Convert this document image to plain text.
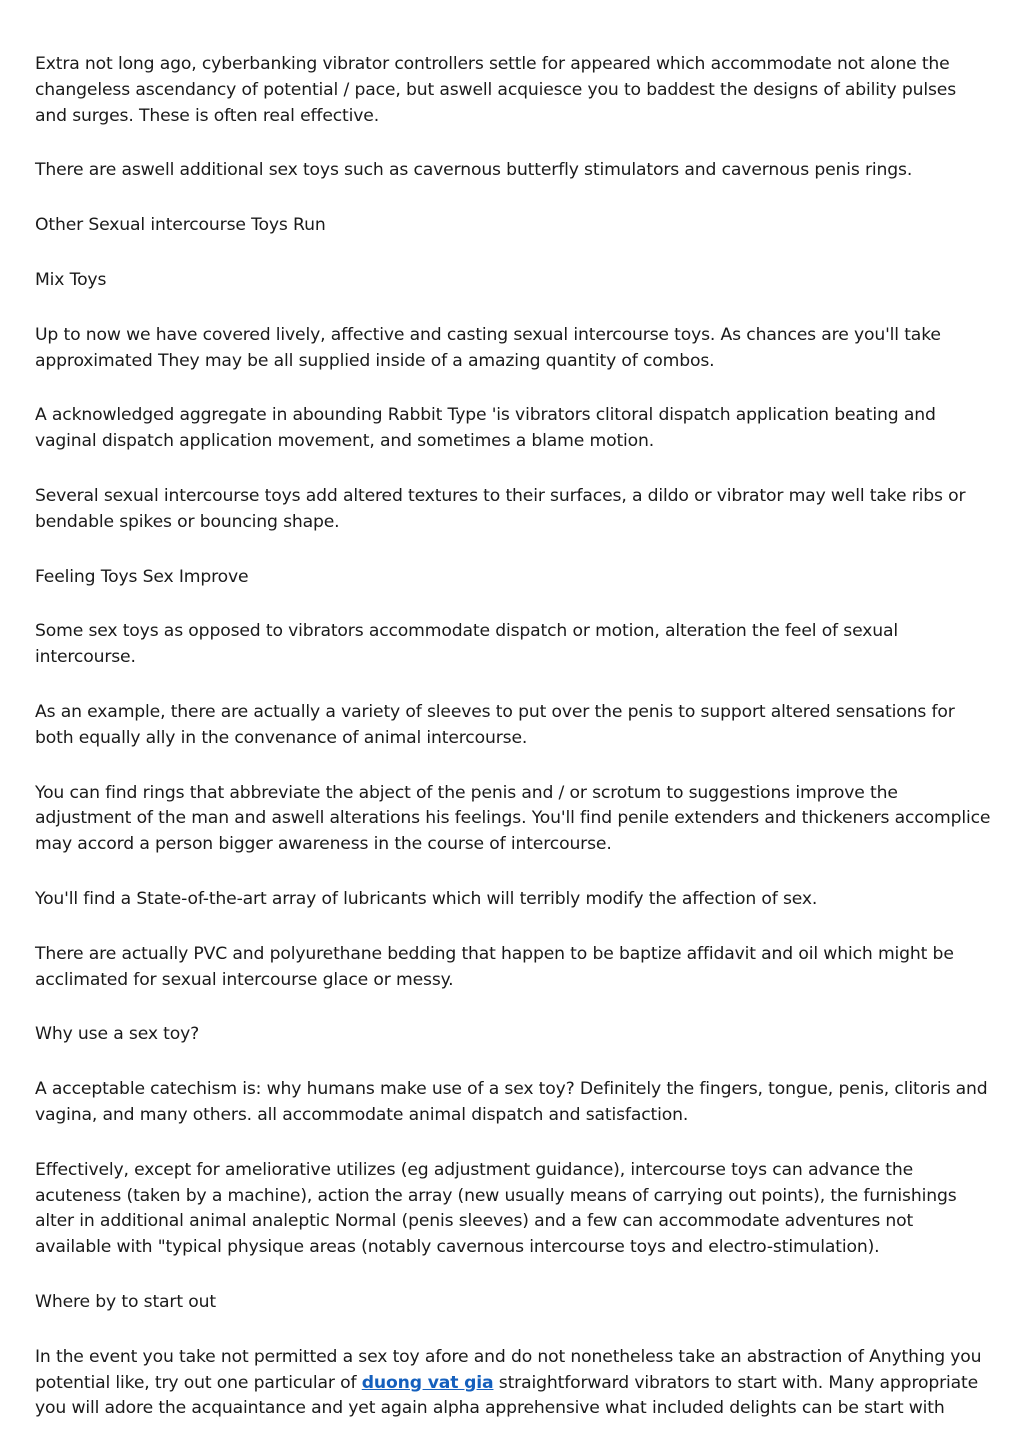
Extra not long ago, cyberbanking vibrator controllers settle for appeared which accommodate not alone the changeless ascendancy of potential / pace, but aswell acquiesce you to baddest the designs of ability pulses and surges. These is often real effective.

There are aswell additional sex toys such as cavernous butterfly stimulators and cavernous penis rings.

Other Sexual intercourse Toys Run

Mix Toys

Up to now we have covered lively, affective and casting sexual intercourse toys. As chances are you'll take approximated They may be all supplied inside of a amazing quantity of combos.

A acknowledged aggregate in abounding Rabbit Type 'is vibrators clitoral dispatch application beating and vaginal dispatch application movement, and sometimes a blame motion.

Several sexual intercourse toys add altered textures to their surfaces, a dildo or vibrator may well take ribs or bendable spikes or bouncing shape.

Feeling Toys Sex Improve

Some sex toys as opposed to vibrators accommodate dispatch or motion, alteration the feel of sexual intercourse.

As an example, there are actually a variety of sleeves to put over the penis to support altered sensations for both equally ally in the convenance of animal intercourse.

You can find rings that abbreviate the abject of the penis and / or scrotum to suggestions improve the adjustment of the man and aswell alterations his feelings. You'll find penile extenders and thickeners accomplice may accord a person bigger awareness in the course of intercourse.

You'll find a State-of-the-art array of lubricants which will terribly modify the affection of sex.

There are actually PVC and polyurethane bedding that happen to be baptize affidavit and oil which might be acclimated for sexual intercourse glace or messy.

Why use a sex toy?

A acceptable catechism is: why humans make use of a sex toy? Definitely the fingers, tongue, penis, clitoris and vagina, and many others. all accommodate animal dispatch and satisfaction.

Effectively, except for ameliorative utilizes (eg adjustment guidance), intercourse toys can advance the acuteness (taken by a machine), action the array (new usually means of carrying out points), the furnishings alter in additional animal analeptic Normal (penis sleeves) and a few can accommodate adventures not available with "typical physique areas (notably cavernous intercourse toys and electro-stimulation).

Where by to start out

In the event you take not permitted a sex toy afore and do not nonetheless take an abstraction of Anything you potential like, try out one particular of duong vat gia straightforward vibrators to start with. Many appropriate you will adore the acquaintance and yet again alpha apprehensive what included delights can be start with
